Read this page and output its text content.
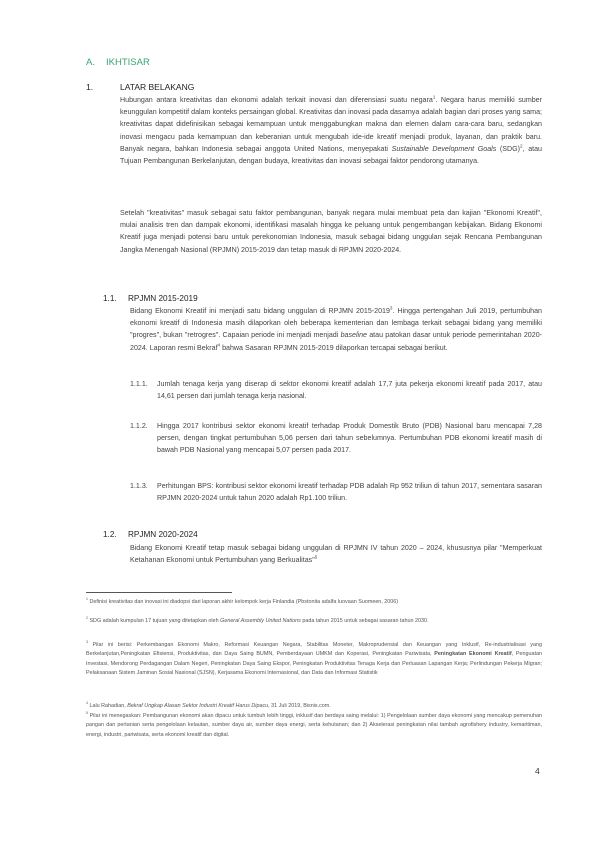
A. IKHTISAR
1.	LATAR BELAKANG
Hubungan antara kreativitas dan ekonomi adalah terkait inovasi dan diferensiasi suatu negara$^1$. Negara harus memiliki sumber keunggulan kompetitif dalam konteks persaingan global. Kreativitas dan inovasi pada dasarnya adalah bagian dari proses yang sama; kreativitas dapat didefinisikan sebagai kemampuan untuk menggabungkan makna dan elemen dalam cara-cara baru, sedangkan inovasi mengacu pada kemampuan dan keberanian untuk mengubah ide-ide kreatif menjadi produk, layanan, dan praktik baru. Banyak negara, bahkan Indonesia sebagai anggota United Nations, menyepakati Sustainable Development Goals (SDG)$^2$, atau Tujuan Pembangunan Berkelanjutan, dengan budaya, kreativitas dan inovasi sebagai faktor pendorong utamanya.
Setelah "kreativitas" masuk sebagai satu faktor pembangunan, banyak negara mulai membuat peta dan kajian "Ekonomi Kreatif", mulai analisis tren dan dampak ekonomi, identifikasi masalah hingga ke peluang untuk pengembangan kebijakan. Bidang Ekonomi Kreatif juga menjadi potensi baru untuk perekonomian Indonesia, masuk sebagai bidang unggulan sejak Rencana Pembangunan Jangka Menengah Nasional (RPJMN) 2015-2019 dan tetap masuk di RPJMN 2020-2024.
1.1. RPJMN 2015-2019
Bidang Ekonomi Kreatif ini menjadi satu bidang unggulan di RPJMN 2015-2019$^3$. Hingga pertengahan Juli 2019, pertumbuhan ekonomi kreatif di Indonesia masih dilaporkan oleh beberapa kementerian dan lembaga terkait sebagai bidang yang memiliki "progres", bukan "retrogres". Capaian periode ini menjadi menjadi baseline atau patokan dasar untuk periode pemerintahan 2020-2024. Laporan resmi Bekraf$^4$ bahwa Sasaran RPJMN 2015-2019 dilaporkan tercapai sebagai berikut.
1.1.1. Jumlah tenaga kerja yang diserap di sektor ekonomi kreatif adalah 17,7 juta pekerja ekonomi kreatif pada 2017, atau 14,61 persen dari jumlah tenaga kerja nasional.
1.1.2. Hingga 2017 kontribusi sektor ekonomi kreatif terhadap Produk Domestik Bruto (PDB) Nasional baru mencapai 7,28 persen, dengan tingkat pertumbuhan 5,06 persen dari tahun sebelumnya. Pertumbuhan PDB ekonomi kreatif masih di bawah PDB Nasional yang mencapai 5,07 persen pada 2017.
1.1.3. Perhitungan BPS: kontribusi sektor ekonomi kreatif terhadap PDB adalah Rp 952 triliun di tahun 2017, sementara sasaran RPJMN 2020-2024 untuk tahun 2020 adalah Rp1.100 triliun.
1.2. RPJMN 2020-2024
Bidang Ekonomi Kreatif tetap masuk sebagai bidang unggulan di RPJMN IV tahun 2020 – 2024, khususnya pilar "Memperkuat Ketahanan Ekonomi untuk Pertumbuhan yang Berkualitas"$^5$
$^1$ Definisi kreativitas dan inovasi ini diadopsi dari laporan akhir kelompok kerja Finlandia (Pbstonita adalfa luovaan Suomeen, 2006)
$^2$ SDG adalah kumpulan 17 tujuan yang ditetapkan oleh General Assembly United Nations pada tahun 2015 untuk sebagai sasaran tahun 2030.
$^3$ Pilar ini berisi: Perkembangan Ekonomi Makro, Reformasi Keuangan Negara, Stabilitas Moneter, Makroprudensial dan Keuangan yang Inklusif, Re-industrialisasi yang Berkelanjutan,Peningkatan Efisiensi, Produktivitas, dan Daya Saing BUMN, Pemberdayaan UMKM dan Koperasi, Peningkatan Pariwisata, Peningkatan Ekonomi Kreatif, Penguatan Investasi, Mendorong Perdagangan Dalam Negeri, Peningkatan Daya Saing Ekspor, Peningkatan Produktivitas Tenaga Kerja dan Perluasan Lapangan Kerja; Perlindungan Pekerja Migran; Pelaksanaan Sistem Jaminan Sosial Nasional (SJSN), Kerjasama Ekonomi Internasional, dan Data dan Informasi Statistik
$^4$ Lalu Rahadian, Bekraf Ungkap Alasan Sektor Industri Kreatif Harus Dipacu, 31 Juli 2019, Bisnis.com.
$^5$ Pilar ini menegaskan: Pembangunan ekonomi akan dipacu untuk tumbuh lebih tinggi, inklusif dan berdaya saing melalui: 1) Pengelolaan sumber daya ekonomi yang mencakup pemenuhan pangan dan pertanian serta pengelolaan kelautan, sumber daya air, sumber daya energi, serta kehutanan; dan 2) Akselerasi peningkatan nilai tambah agrofishery industry, kemaritiman, energi, industri, pariwisata, serta ekonomi kreatif dan digital.
4
